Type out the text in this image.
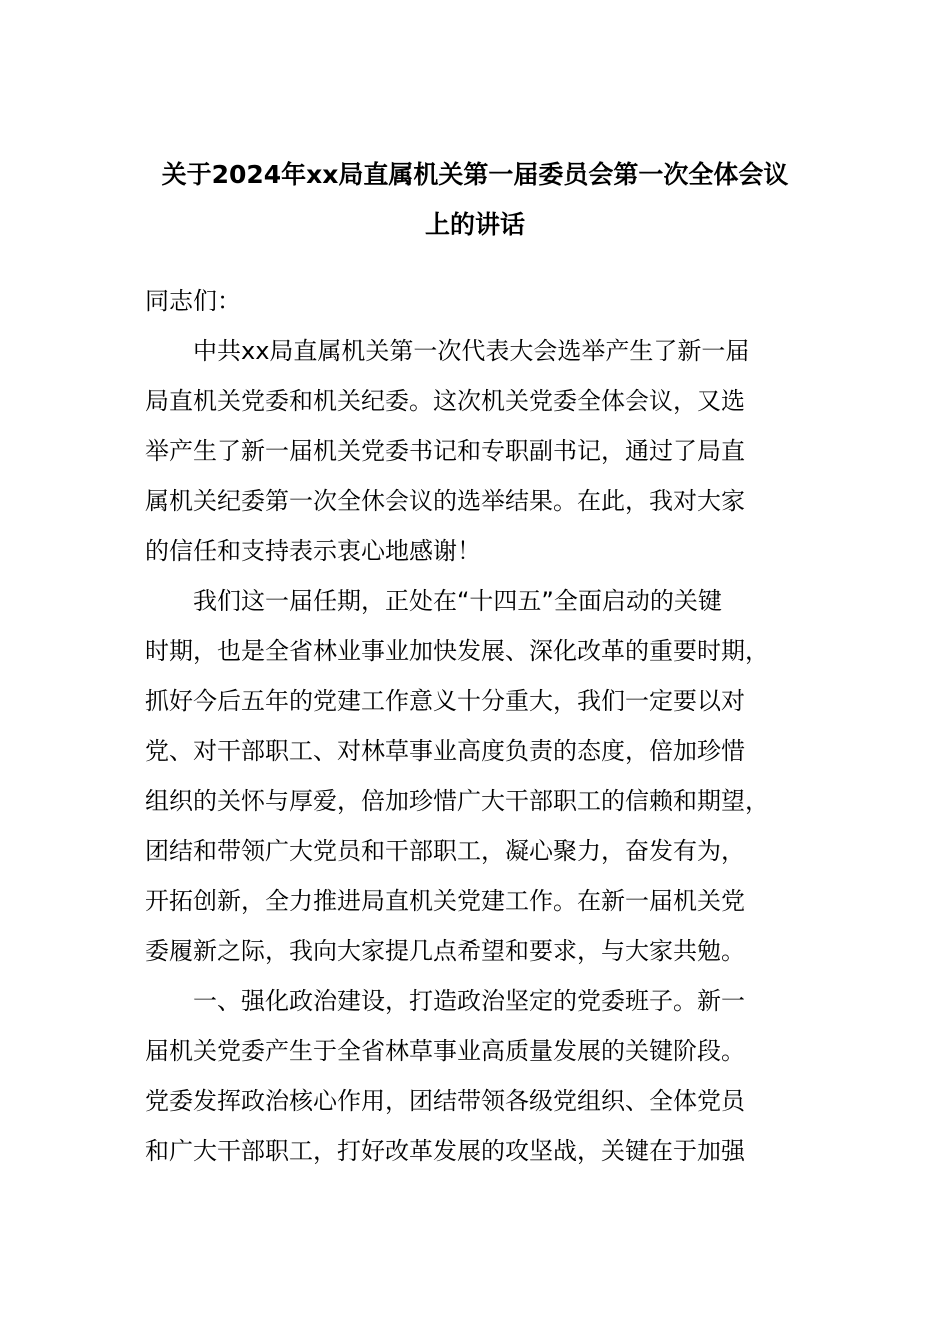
关于2024年xx局直属机关第一届委员会第一次全体会议
上的讲话
同志们：
　　中共xx局直属机关第一次代表大会选举产生了新一届
局直机关党委和机关纪委。这次机关党委全体会议，又选
举产生了新一届机关党委书记和专职副书记，通过了局直
属机关纪委第一次全休会议的选举结果。在此，我对大家
的信任和支持表示衷心地感谢！
　　我们这一届任期，正处在“十四五”全面启动的关键
时期，也是全省林业事业加快发展、深化改革的重要时期，
抓好今后五年的党建工作意义十分重大，我们一定要以对
党、对干部职工、对林草事业高度负责的态度，倍加珍惜
组织的关怀与厚爱，倍加珍惜广大干部职工的信赖和期望，
团结和带领广大党员和干部职工，凝心聚力，奋发有为，
开拓创新，全力推进局直机关党建工作。在新一届机关党
委履新之际，我向大家提几点希望和要求，与大家共勉。
　　一、强化政治建设，打造政治坚定的党委班子。新一
届机关党委产生于全省林草事业高质量发展的关键阶段。
党委发挥政治核心作用，团结带领各级党组织、全体党员
和广大干部职工，打好改革发展的攻坚战，关键在于加强
